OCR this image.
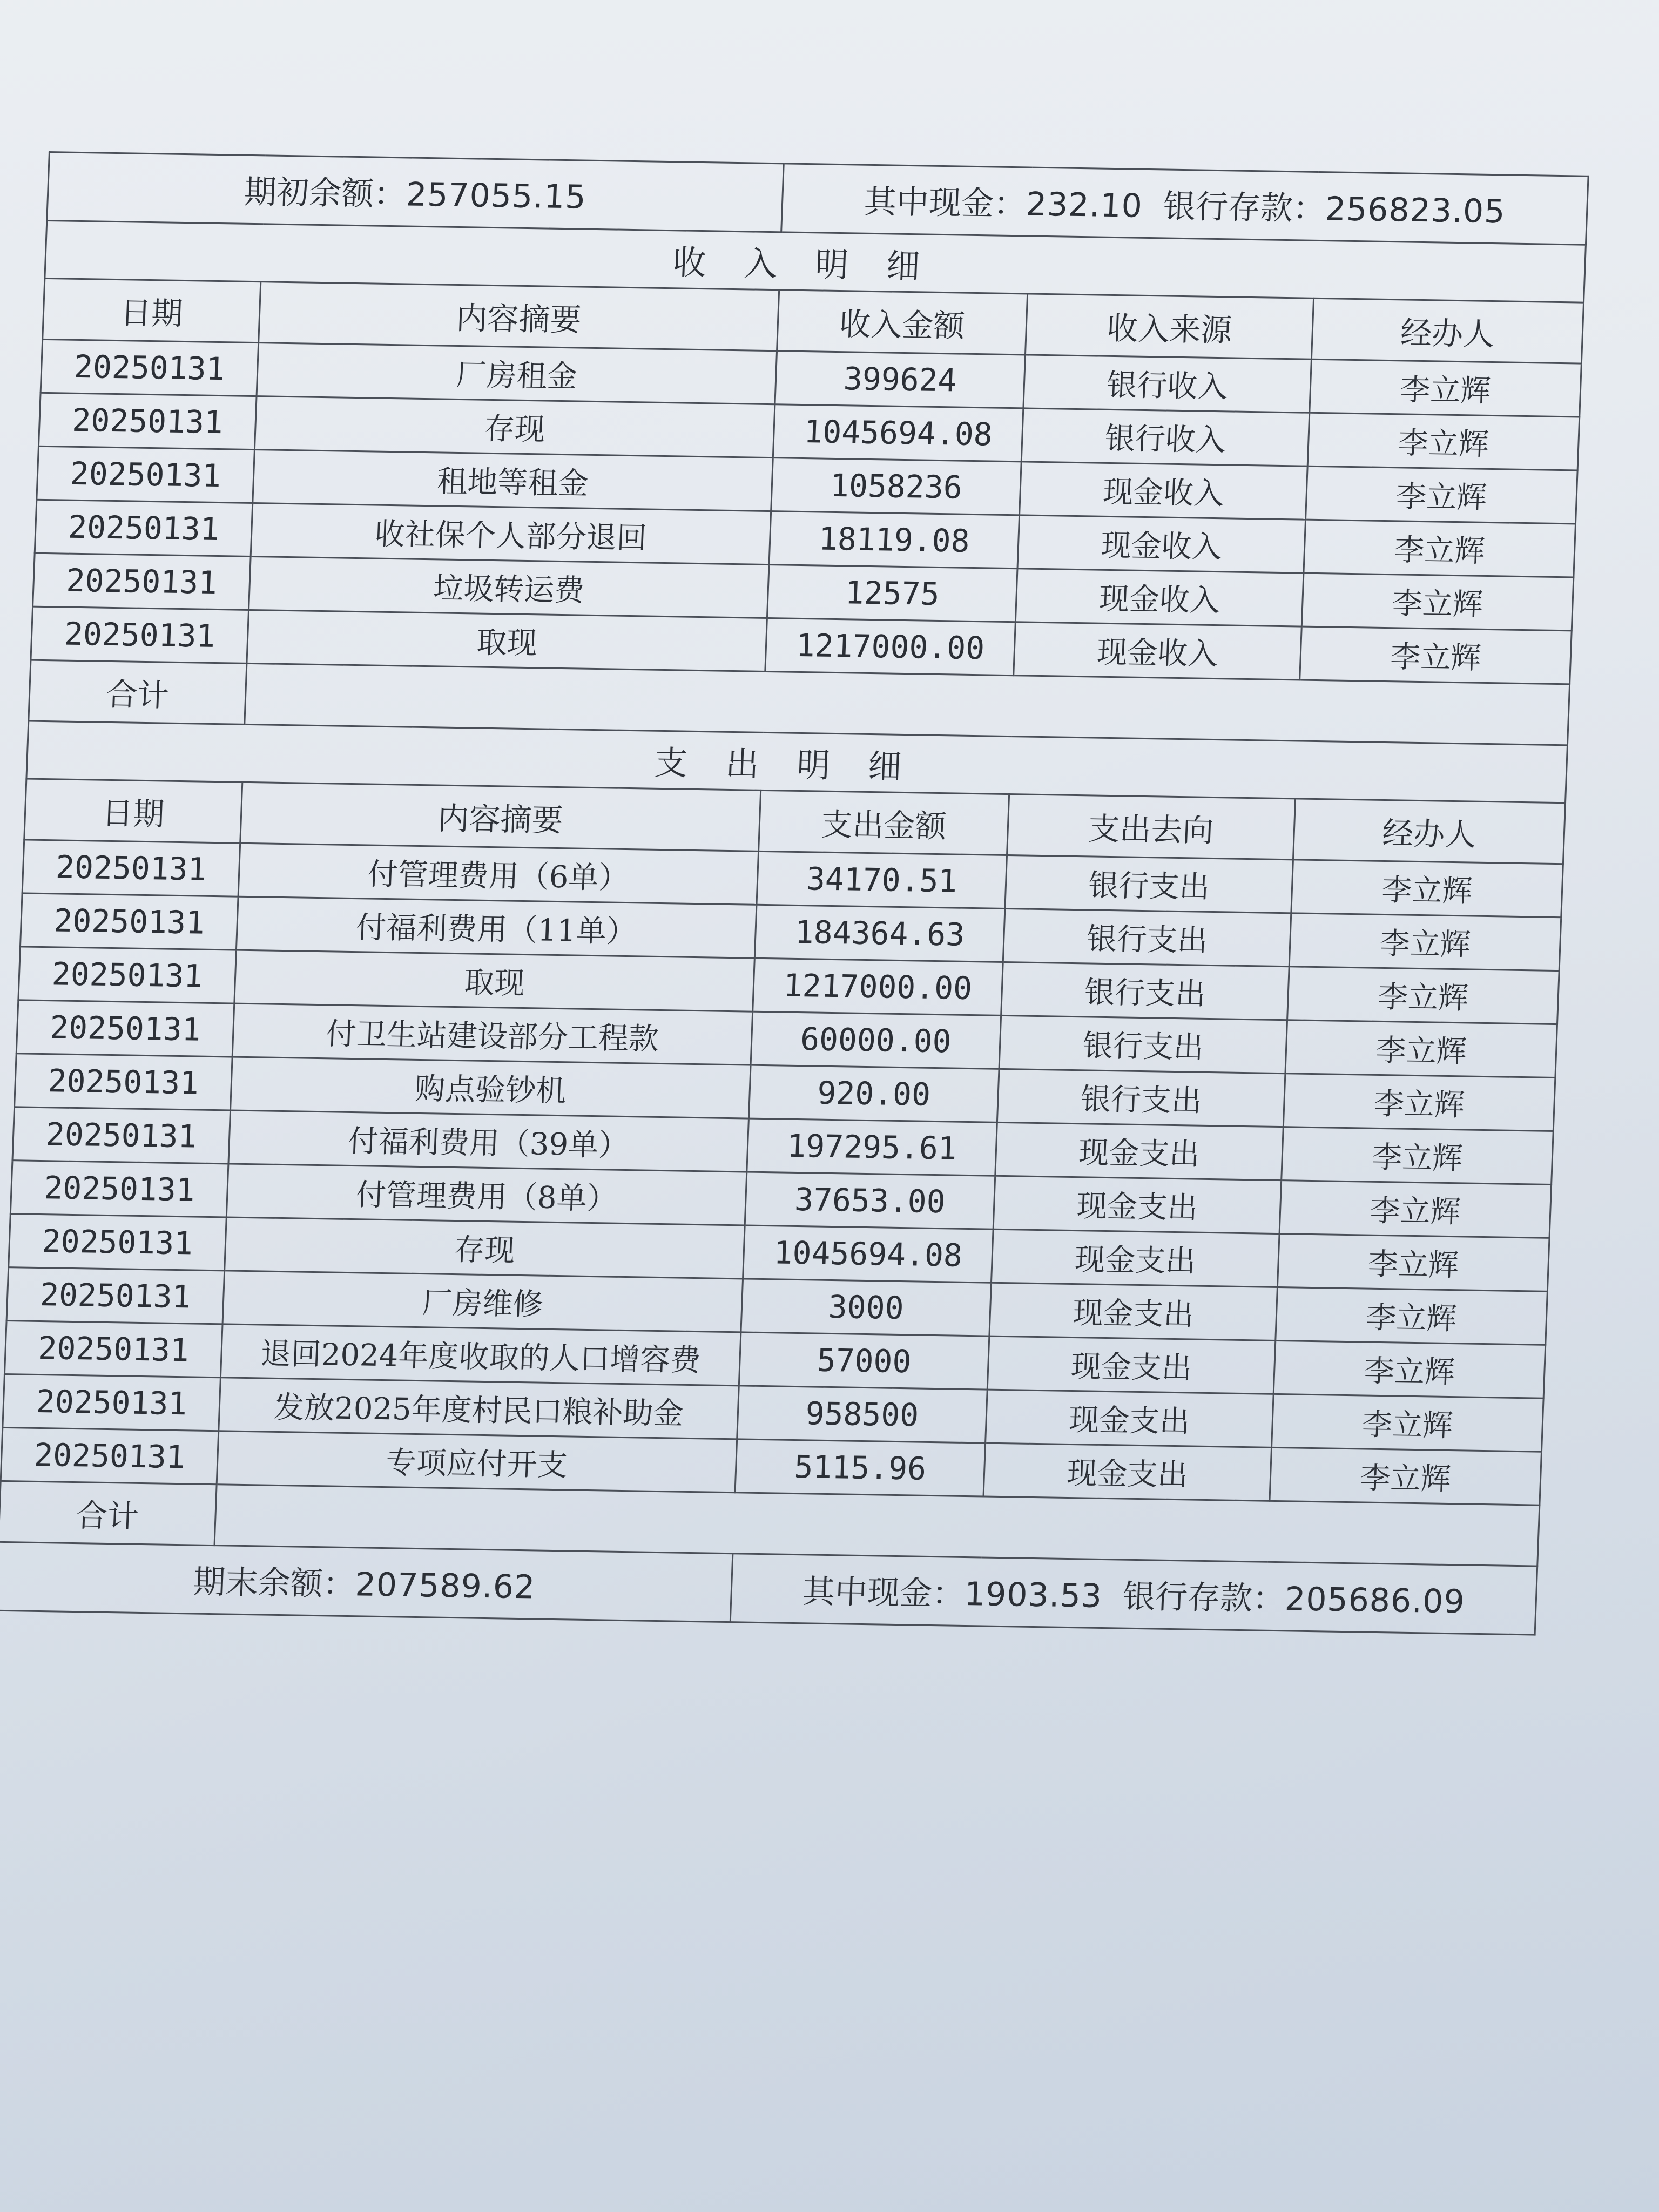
期初余额：257055.15		其中现金：232.10 银行存款：256823.05		
收入明细				
日期	内容摘要	收入金额	收入来源	经办人
20250131	厂房租金	399624	银行收入	李立辉
20250131	存现	1045694.08	银行收入	李立辉
20250131	租地等租金	1058236	现金收入	李立辉
20250131	收社保个人部分退回	18119.08	现金收入	李立辉
20250131	垃圾转运费	12575	现金收入	李立辉
20250131	取现	1217000.00	现金收入	李立辉
合计				
支出明细				
日期	内容摘要	支出金额	支出去向	经办人
20250131	付管理费用（6单）	34170.51	银行支出	李立辉
20250131	付福利费用（11单）	184364.63	银行支出	李立辉
20250131	取现	1217000.00	银行支出	李立辉
20250131	付卫生站建设部分工程款	60000.00	银行支出	李立辉
20250131	购点验钞机	920.00	银行支出	李立辉
20250131	付福利费用（39单）	197295.61	现金支出	李立辉
20250131	付管理费用（8单）	37653.00	现金支出	李立辉
20250131	存现	1045694.08	现金支出	李立辉
20250131	厂房维修	3000	现金支出	李立辉
20250131	退回2024年度收取的人口增容费	57000	现金支出	李立辉
20250131	发放2025年度村民口粮补助金	958500	现金支出	李立辉
20250131	专项应付开支	5115.96	现金支出	李立辉
合计				
期末余额：207589.62		其中现金：1903.53 银行存款：205686.09		
